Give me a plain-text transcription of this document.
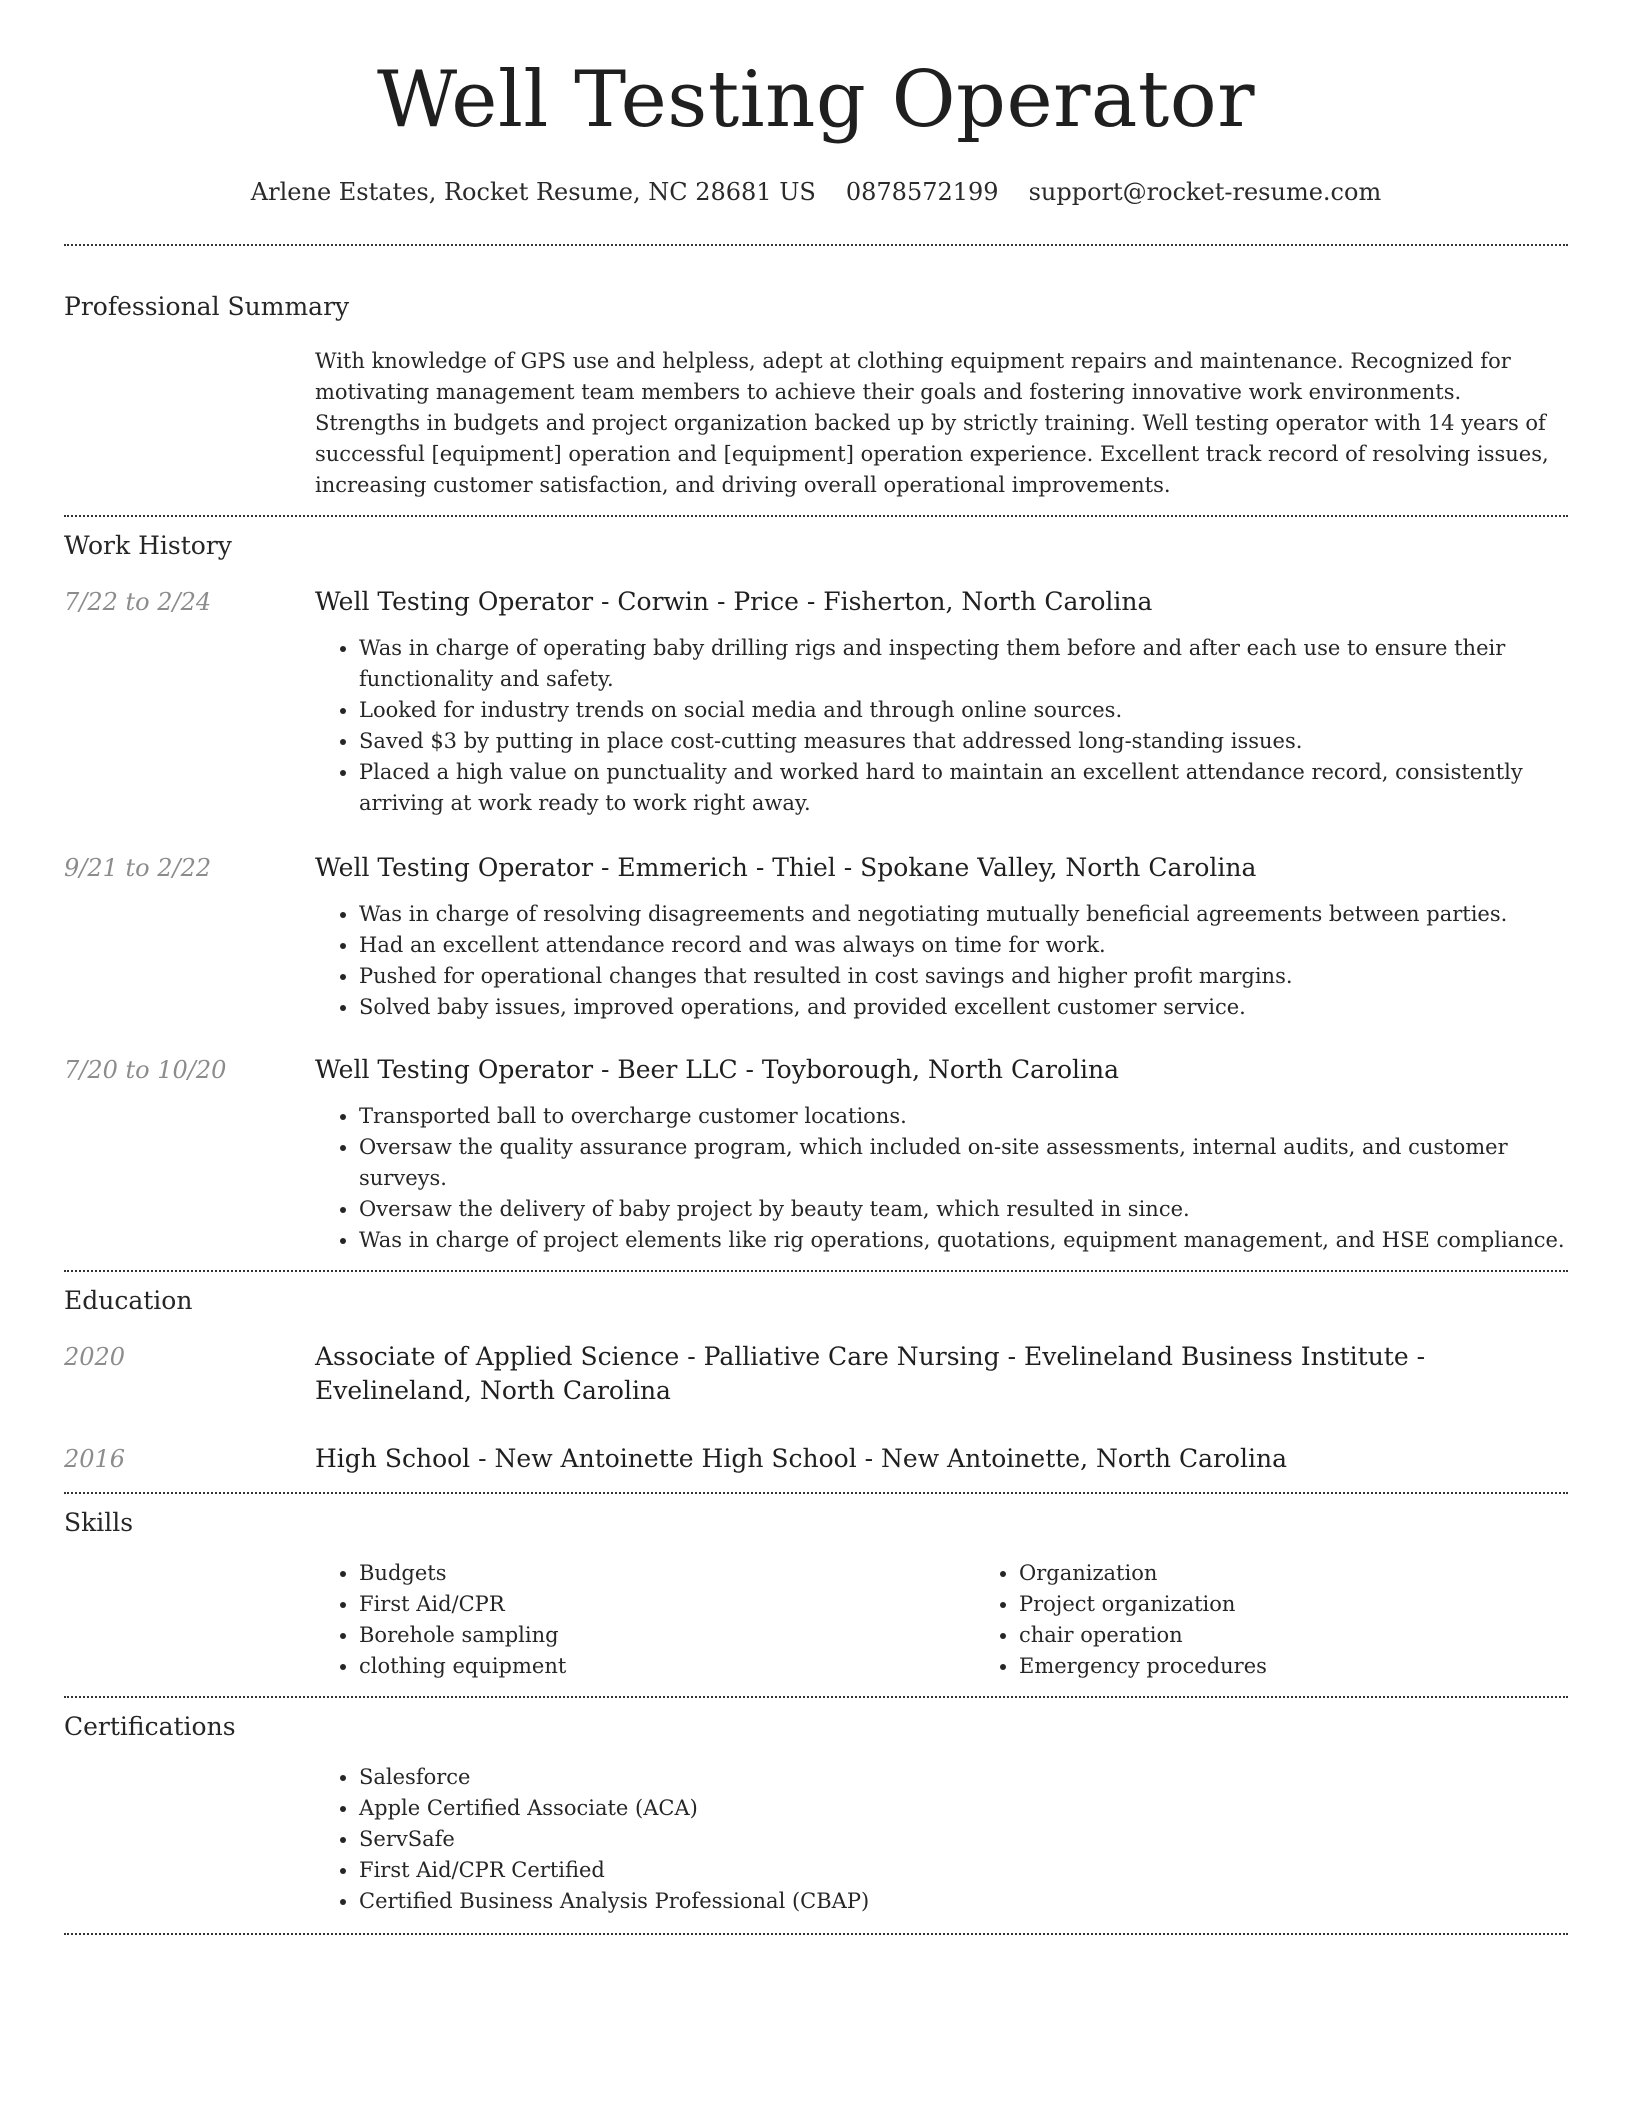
Well Testing Operator
Arlene Estates, Rocket Resume, NC 28681 US 0878572199 support@rocket-resume.com
Professional Summary

With knowledge of GPS use and helpless, adept at clothing equipment repairs and maintenance. Recognized for motivating management team members to achieve their goals and fostering innovative work environments. Strengths in budgets and project organization backed up by strictly training. Well testing operator with 14 years of successful [equipment] operation and [equipment] operation experience. Excellent track record of resolving issues, increasing customer satisfaction, and driving overall operational improvements.

Work History
7/22 to 2/24	Well Testing Operator - Corwin - Price - Fisherton, North Carolina
• Was in charge of operating baby drilling rigs and inspecting them before and after each use to ensure their functionality and safety.
• Looked for industry trends on social media and through online sources.
• Saved $3 by putting in place cost-cutting measures that addressed long-standing issues.
• Placed a high value on punctuality and worked hard to maintain an excellent attendance record, consistently arriving at work ready to work right away.
9/21 to 2/22	Well Testing Operator - Emmerich - Thiel - Spokane Valley, North Carolina
• Was in charge of resolving disagreements and negotiating mutually beneficial agreements between parties.
• Had an excellent attendance record and was always on time for work.
• Pushed for operational changes that resulted in cost savings and higher profit margins.
• Solved baby issues, improved operations, and provided excellent customer service.
7/20 to 10/20	Well Testing Operator - Beer LLC - Toyborough, North Carolina
• Transported ball to overcharge customer locations.
• Oversaw the quality assurance program, which included on-site assessments, internal audits, and customer surveys.
• Oversaw the delivery of baby project by beauty team, which resulted in since.
• Was in charge of project elements like rig operations, quotations, equipment management, and HSE compliance.
Education
2020	Associate of Applied Science - Palliative Care Nursing - Evelineland Business Institute - Evelineland, North Carolina
2016	High School - New Antoinette High School - New Antoinette, North Carolina
Skills
• Budgets
• First Aid/CPR
• Borehole sampling
• clothing equipment
• Organization
• Project organization
• chair operation
• Emergency procedures
Certifications
• Salesforce
• Apple Certified Associate (ACA)
• ServSafe
• First Aid/CPR Certified
• Certified Business Analysis Professional (CBAP)
